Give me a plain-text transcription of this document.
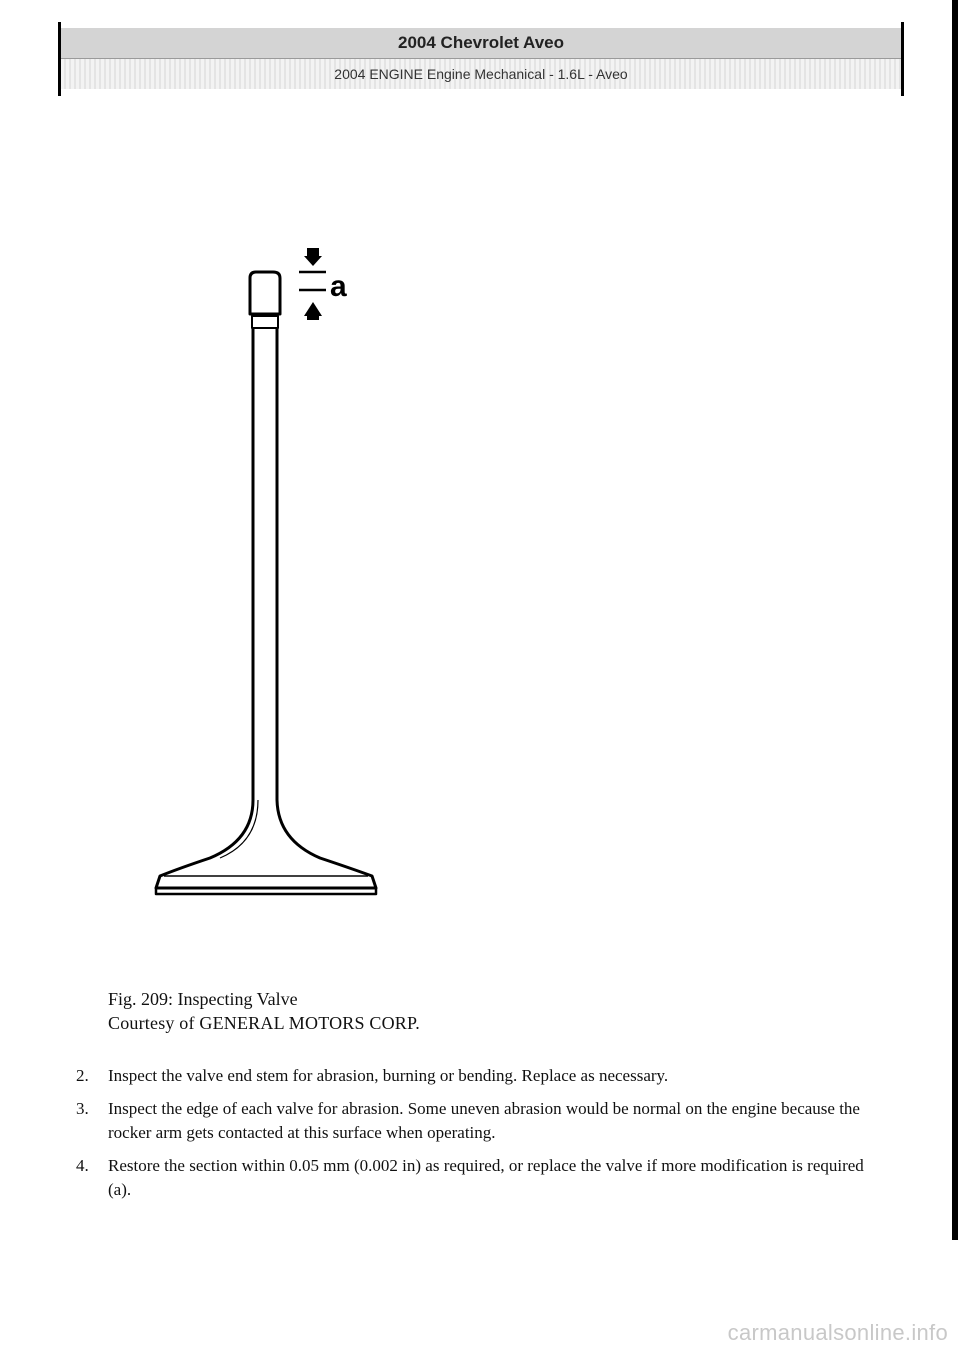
2004 Chevrolet Aveo
2004 ENGINE Engine Mechanical - 1.6L - Aveo
a
Fig. 209: Inspecting Valve
Courtesy of GENERAL MOTORS CORP.
2.	Inspect the valve end stem for abrasion, burning or bending. Replace as necessary.
3.	Inspect the edge of each valve for abrasion. Some uneven abrasion would be normal on the engine because the rocker arm gets contacted at this surface when operating.
4.	Restore the section within 0.05 mm (0.002 in) as required, or replace the valve if more modification is required (a).
carmanualsonline.info
